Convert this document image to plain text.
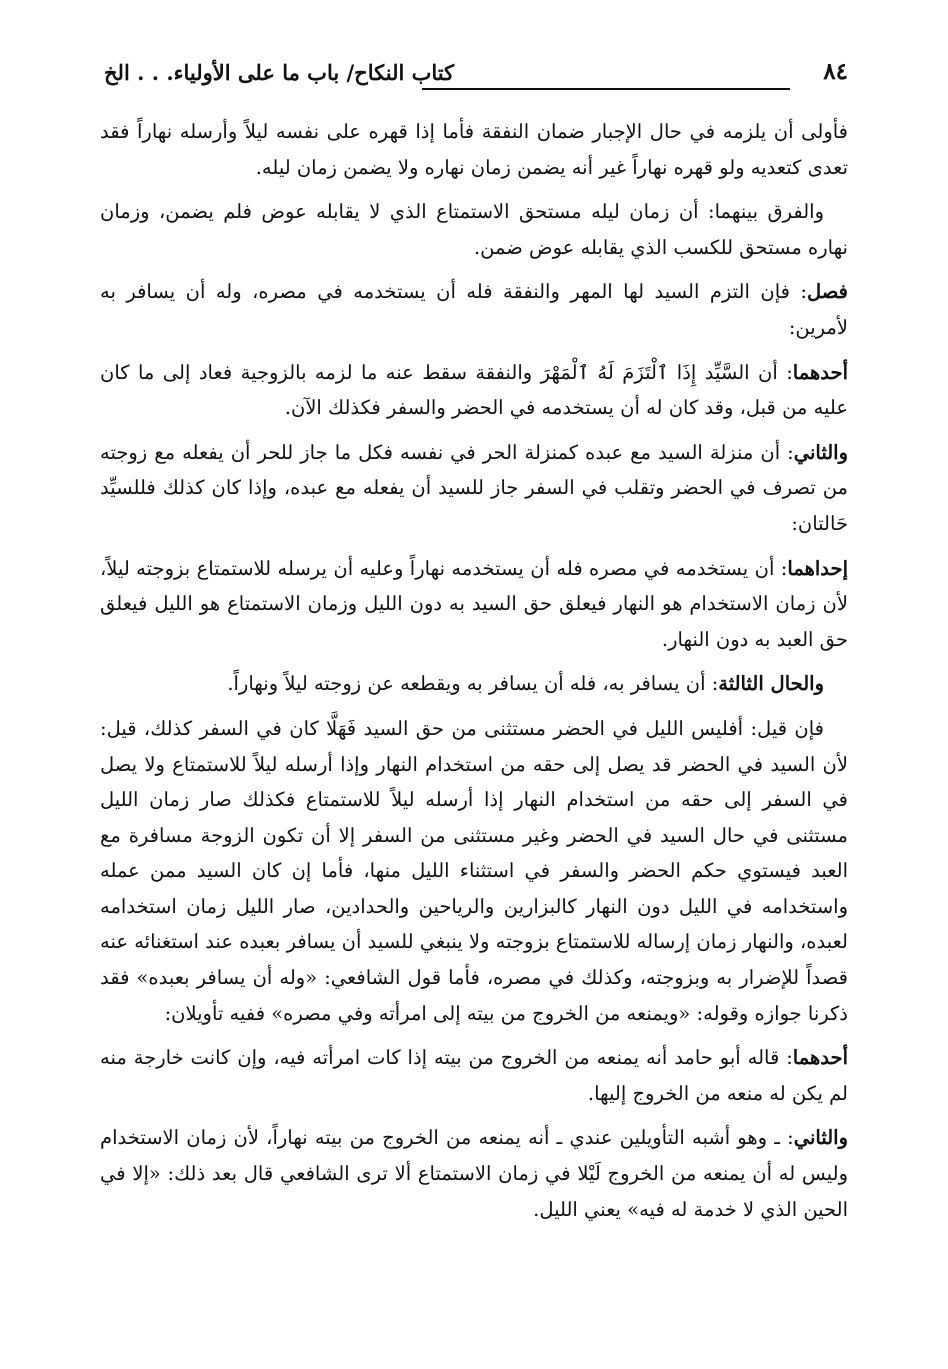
٨٤
كتاب النكاح/ باب ما على الأولياء. . . الخ

فأولى أن يلزمه في حال الإجبار ضمان النفقة فأما إذا قهره على نفسه ليلاً وأرسله نهاراً فقد تعدى كتعديه ولو قهره نهاراً غير أنه يضمن زمان نهاره ولا يضمن زمان ليله.

والفرق بينهما: أن زمان ليله مستحق الاستمتاع الذي لا يقابله عوض فلم يضمن، وزمان نهاره مستحق للكسب الذي يقابله عوض ضمن.

فصل: فإن التزم السيد لها المهر والنفقة فله أن يستخدمه في مصره، وله أن يسافر به لأمرين:

أحدهما: أن السَّيِّد إِذَا ٱلْتَزَمَ لَهُ ٱلْمَهْرَ والنفقة سقط عنه ما لزمه بالزوجية فعاد إلى ما كان عليه من قبل، وقد كان له أن يستخدمه في الحضر والسفر فكذلك الآن.

والثاني: أن منزلة السيد مع عبده كمنزلة الحر في نفسه فكل ما جاز للحر أن يفعله مع زوجته من تصرف في الحضر وتقلب في السفر جاز للسيد أن يفعله مع عبده، وإذا كان كذلك فللسيِّد حَالتان:

إحداهما: أن يستخدمه في مصره فله أن يستخدمه نهاراً وعليه أن يرسله للاستمتاع بزوجته ليلاً، لأن زمان الاستخدام هو النهار فيعلق حق السيد به دون الليل وزمان الاستمتاع هو الليل فيعلق حق العبد به دون النهار.

والحال الثالثة: أن يسافر به، فله أن يسافر به ويقطعه عن زوجته ليلاً ونهاراً.

فإن قيل: أفليس الليل في الحضر مستثنى من حق السيد فَهَلَّا كان في السفر كذلك، قيل: لأن السيد في الحضر قد يصل إلى حقه من استخدام النهار وإذا أرسله ليلاً للاستمتاع ولا يصل في السفر إلى حقه من استخدام النهار إذا أرسله ليلاً للاستمتاع فكذلك صار زمان الليل مستثنى في حال السيد في الحضر وغير مستثنى من السفر إلا أن تكون الزوجة مسافرة مع العبد فيستوي حكم الحضر والسفر في استثناء الليل منها، فأما إن كان السيد ممن عمله واستخدامه في الليل دون النهار كالبزارين والرياحين والحدادين، صار الليل زمان استخدامه لعبده، والنهار زمان إرساله للاستمتاع بزوجته ولا ينبغي للسيد أن يسافر بعبده عند استغنائه عنه قصداً للإضرار به وبزوجته، وكذلك في مصره، فأما قول الشافعي: «وله أن يسافر بعبده» فقد ذكرنا جوازه وقوله: «ويمنعه من الخروج من بيته إلى امرأته وفي مصره» ففيه تأويلان:

أحدهما: قاله أبو حامد أنه يمنعه من الخروج من بيته إذا كات امرأته فيه، وإن كانت خارجة منه لم يكن له منعه من الخروج إليها.

والثاني: ـ وهو أشبه التأويلين عندي ـ أنه يمنعه من الخروج من بيته نهاراً، لأن زمان الاستخدام وليس له أن يمنعه من الخروج لَيْلا في زمان الاستمتاع ألا ترى الشافعي قال بعد ذلك: «إلا في الحين الذي لا خدمة له فيه» يعني الليل.
